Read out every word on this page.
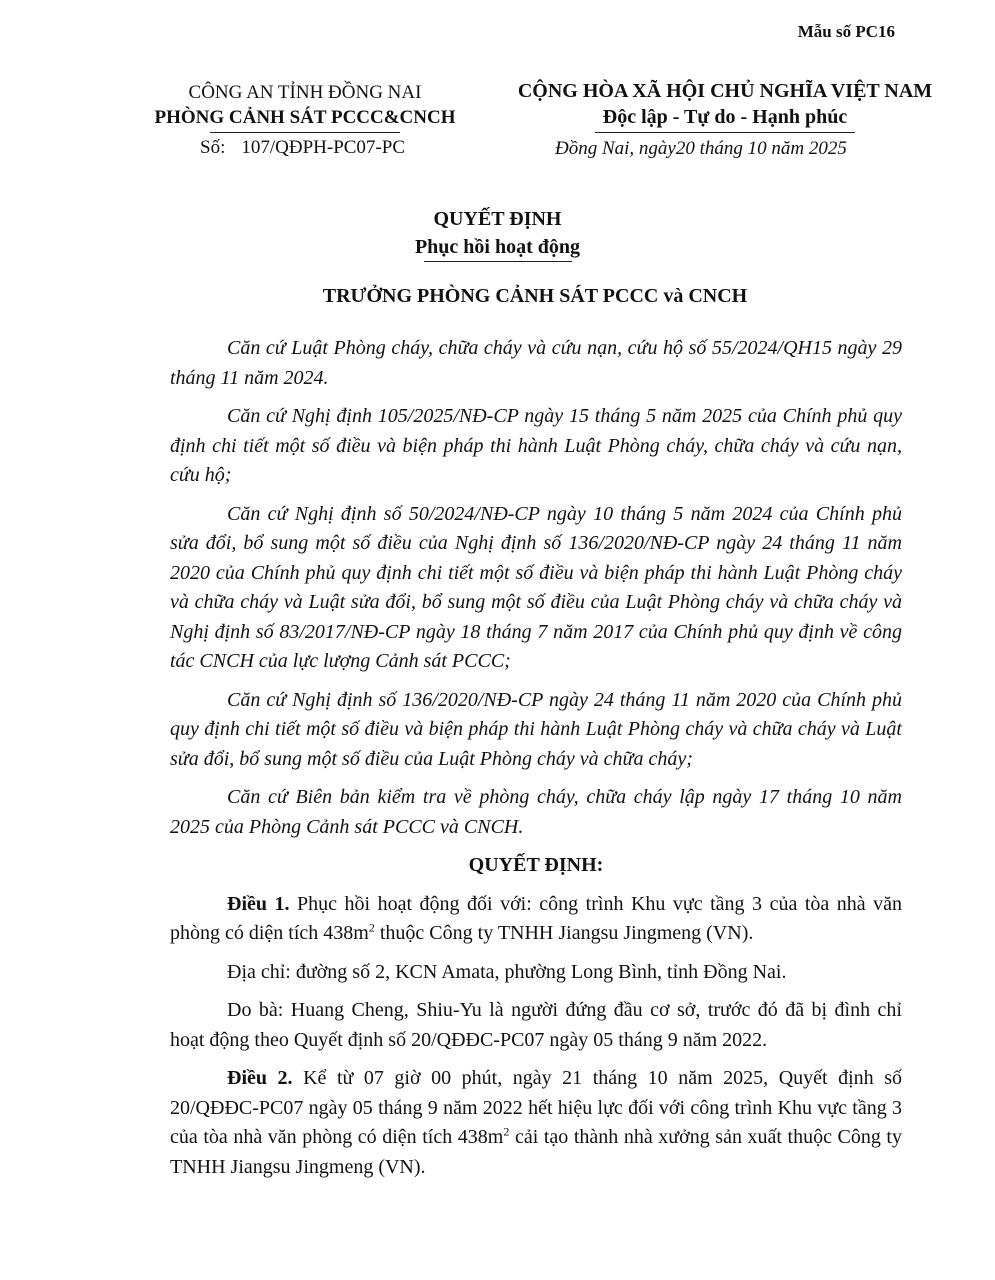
Mẫu số PC16
CÔNG AN TỈNH ĐỒNG NAI
PHÒNG CẢNH SÁT PCCC&CNCH
CỘNG HÒA XÃ HỘI CHỦ NGHĨA VIỆT NAM
Độc lập - Tự do - Hạnh phúc
Số: 107/QĐPH-PC07-PC	Đồng Nai, ngày20 tháng 10 năm 2025
QUYẾT ĐỊNH
Phục hồi hoạt động
TRƯỞNG PHÒNG CẢNH SÁT PCCC và CNCH

Căn cứ Luật Phòng cháy, chữa cháy và cứu nạn, cứu hộ số 55/2024/QH15 ngày 29 tháng 11 năm 2024.

Căn cứ Nghị định 105/2025/NĐ-CP ngày 15 tháng 5 năm 2025 của Chính phủ quy định chi tiết một số điều và biện pháp thi hành Luật Phòng cháy, chữa cháy và cứu nạn, cứu hộ;

Căn cứ Nghị định số 50/2024/NĐ-CP ngày 10 tháng 5 năm 2024 của Chính phủ sửa đổi, bổ sung một số điều của Nghị định số 136/2020/NĐ-CP ngày 24 tháng 11 năm 2020 của Chính phủ quy định chi tiết một số điều và biện pháp thi hành Luật Phòng cháy và chữa cháy và Luật sửa đổi, bổ sung một số điều của Luật Phòng cháy và chữa cháy và Nghị định số 83/2017/NĐ-CP ngày 18 tháng 7 năm 2017 của Chính phủ quy định về công tác CNCH của lực lượng Cảnh sát PCCC;

Căn cứ Nghị định số 136/2020/NĐ-CP ngày 24 tháng 11 năm 2020 của Chính phủ quy định chi tiết một số điều và biện pháp thi hành Luật Phòng cháy và chữa cháy và Luật sửa đổi, bổ sung một số điều của Luật Phòng cháy và chữa cháy;

Căn cứ Biên bản kiểm tra về phòng cháy, chữa cháy lập ngày 17 tháng 10 năm 2025 của Phòng Cảnh sát PCCC và CNCH.

QUYẾT ĐỊNH:

Điều 1. Phục hồi hoạt động đối với: công trình Khu vực tầng 3 của tòa nhà văn phòng có diện tích $438m^2$ thuộc Công ty TNHH Jiangsu Jingmeng (VN).

Địa chỉ: đường số 2, KCN Amata, phường Long Bình, tỉnh Đồng Nai.

Do bà: Huang Cheng, Shiu-Yu là người đứng đầu cơ sở, trước đó đã bị đình chỉ hoạt động theo Quyết định số 20/QĐĐC-PC07 ngày 05 tháng 9 năm 2022.

Điều 2. Kể từ 07 giờ 00 phút, ngày 21 tháng 10 năm 2025, Quyết định số 20/QĐĐC-PC07 ngày 05 tháng 9 năm 2022 hết hiệu lực đối với công trình Khu vực tầng 3 của tòa nhà văn phòng có diện tích $438m^2$ cải tạo thành nhà xưởng sản xuất thuộc Công ty TNHH Jiangsu Jingmeng (VN).
